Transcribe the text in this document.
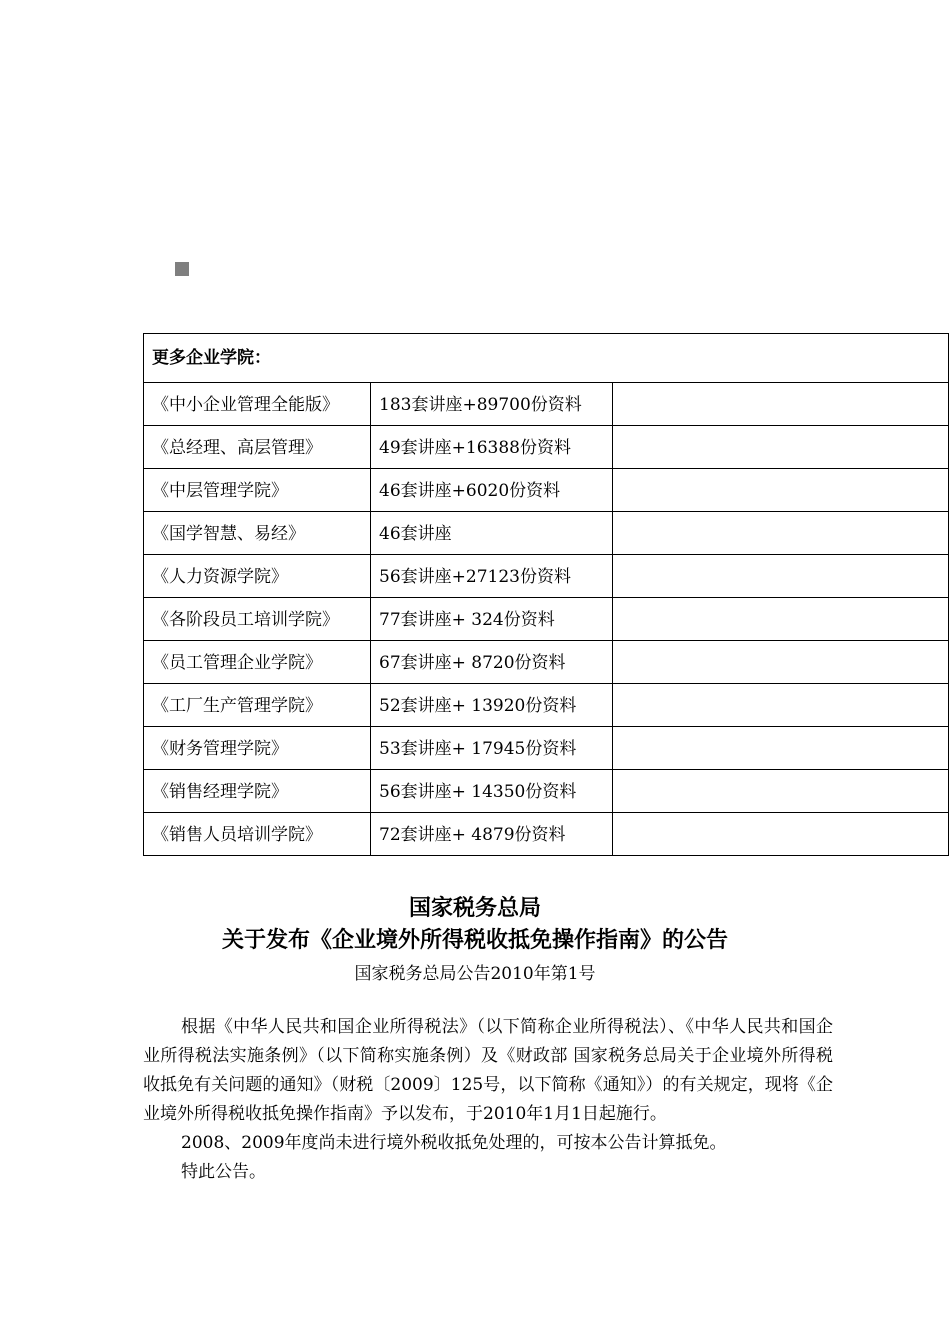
更多企业学院：		
《中小企业管理全能版》	183套讲座+89700份资料	
《总经理、高层管理》	49套讲座+16388份资料	
《中层管理学院》	46套讲座+6020份资料	
《国学智慧、易经》	46套讲座	
《人力资源学院》	56套讲座+27123份资料	
《各阶段员工培训学院》	77套讲座+ 324份资料	
《员工管理企业学院》	67套讲座+ 8720份资料	
《工厂生产管理学院》	52套讲座+ 13920份资料	
《财务管理学院》	53套讲座+ 17945份资料	
《销售经理学院》	56套讲座+ 14350份资料	
《销售人员培训学院》	72套讲座+ 4879份资料	
国家税务总局
关于发布《企业境外所得税收抵免操作指南》的公告
国家税务总局公告2010年第1号

根据《中华人民共和国企业所得税法》（以下简称企业所得税法）、《中华人民共和国企业所得税法实施条例》（以下简称实施条例）及《财政部 国家税务总局关于企业境外所得税收抵免有关问题的通知》（财税〔2009〕125号，以下简称《通知》）的有关规定，现将《企业境外所得税收抵免操作指南》予以发布，于2010年1月1日起施行。

2008、2009年度尚未进行境外税收抵免处理的，可按本公告计算抵免。

特此公告。
